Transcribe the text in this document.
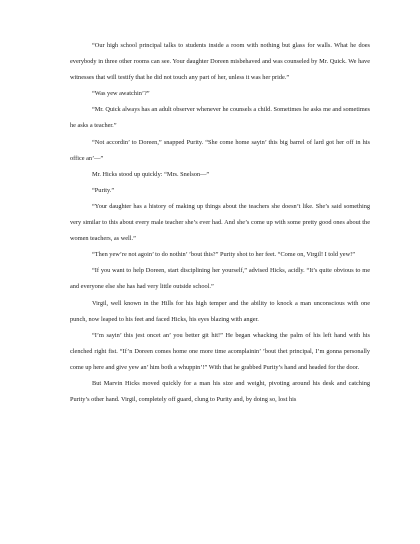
“Our high school principal talks to students inside a room with nothing but glass for walls. What he does everybody in three other rooms can see. Your daughter Doreen misbehaved and was counseled by Mr. Quick. We have witnesses that will testify that he did not touch any part of her, unless it was her pride.”

“Was yew awatchin’?”

“Mr. Quick always has an adult observer whenever he counsels a child. Sometimes he asks me and sometimes he asks a teacher.”

“Not accordin’ to Doreen,” snapped Purity. “She come home sayin’ this big barrel of lard got her off in his office an’—”

Mr. Hicks stood up quickly: “Mrs. Snelson—”

“Purity.”

“Your daughter has a history of making up things about the teachers she doesn’t like. She’s said something very similar to this about every male teacher she’s ever had. And she’s come up with some pretty good ones about the women teachers, as well.”

“Then yew’re not agoin’ to do nothin’ ’bout this?” Purity shot to her feet. “Come on, Virgil! I told yew!”

“If you want to help Doreen, start disciplining her yourself,” advised Hicks, acidly. “It’s quite obvious to me and everyone else she has had very little outside school.”

Virgil, well known in the Hills for his high temper and the ability to knock a man unconscious with one punch, now leaped to his feet and faced Hicks, his eyes blazing with anger.

“I’m sayin’ this jest oncet an’ you better git hit!” He began whacking the palm of his left hand with his clenched right fist. “If’n Doreen comes home one more time acomplainin’ ’bout thet principal, I’m gonna personally come up here and give yew an’ him both a whuppin’!” With that he grabbed Purity’s hand and headed for the door.

But Marvin Hicks moved quickly for a man his size and weight, pivoting around his desk and catching Purity’s other hand. Virgil, completely off guard, clung to Purity and, by doing so, lost his
